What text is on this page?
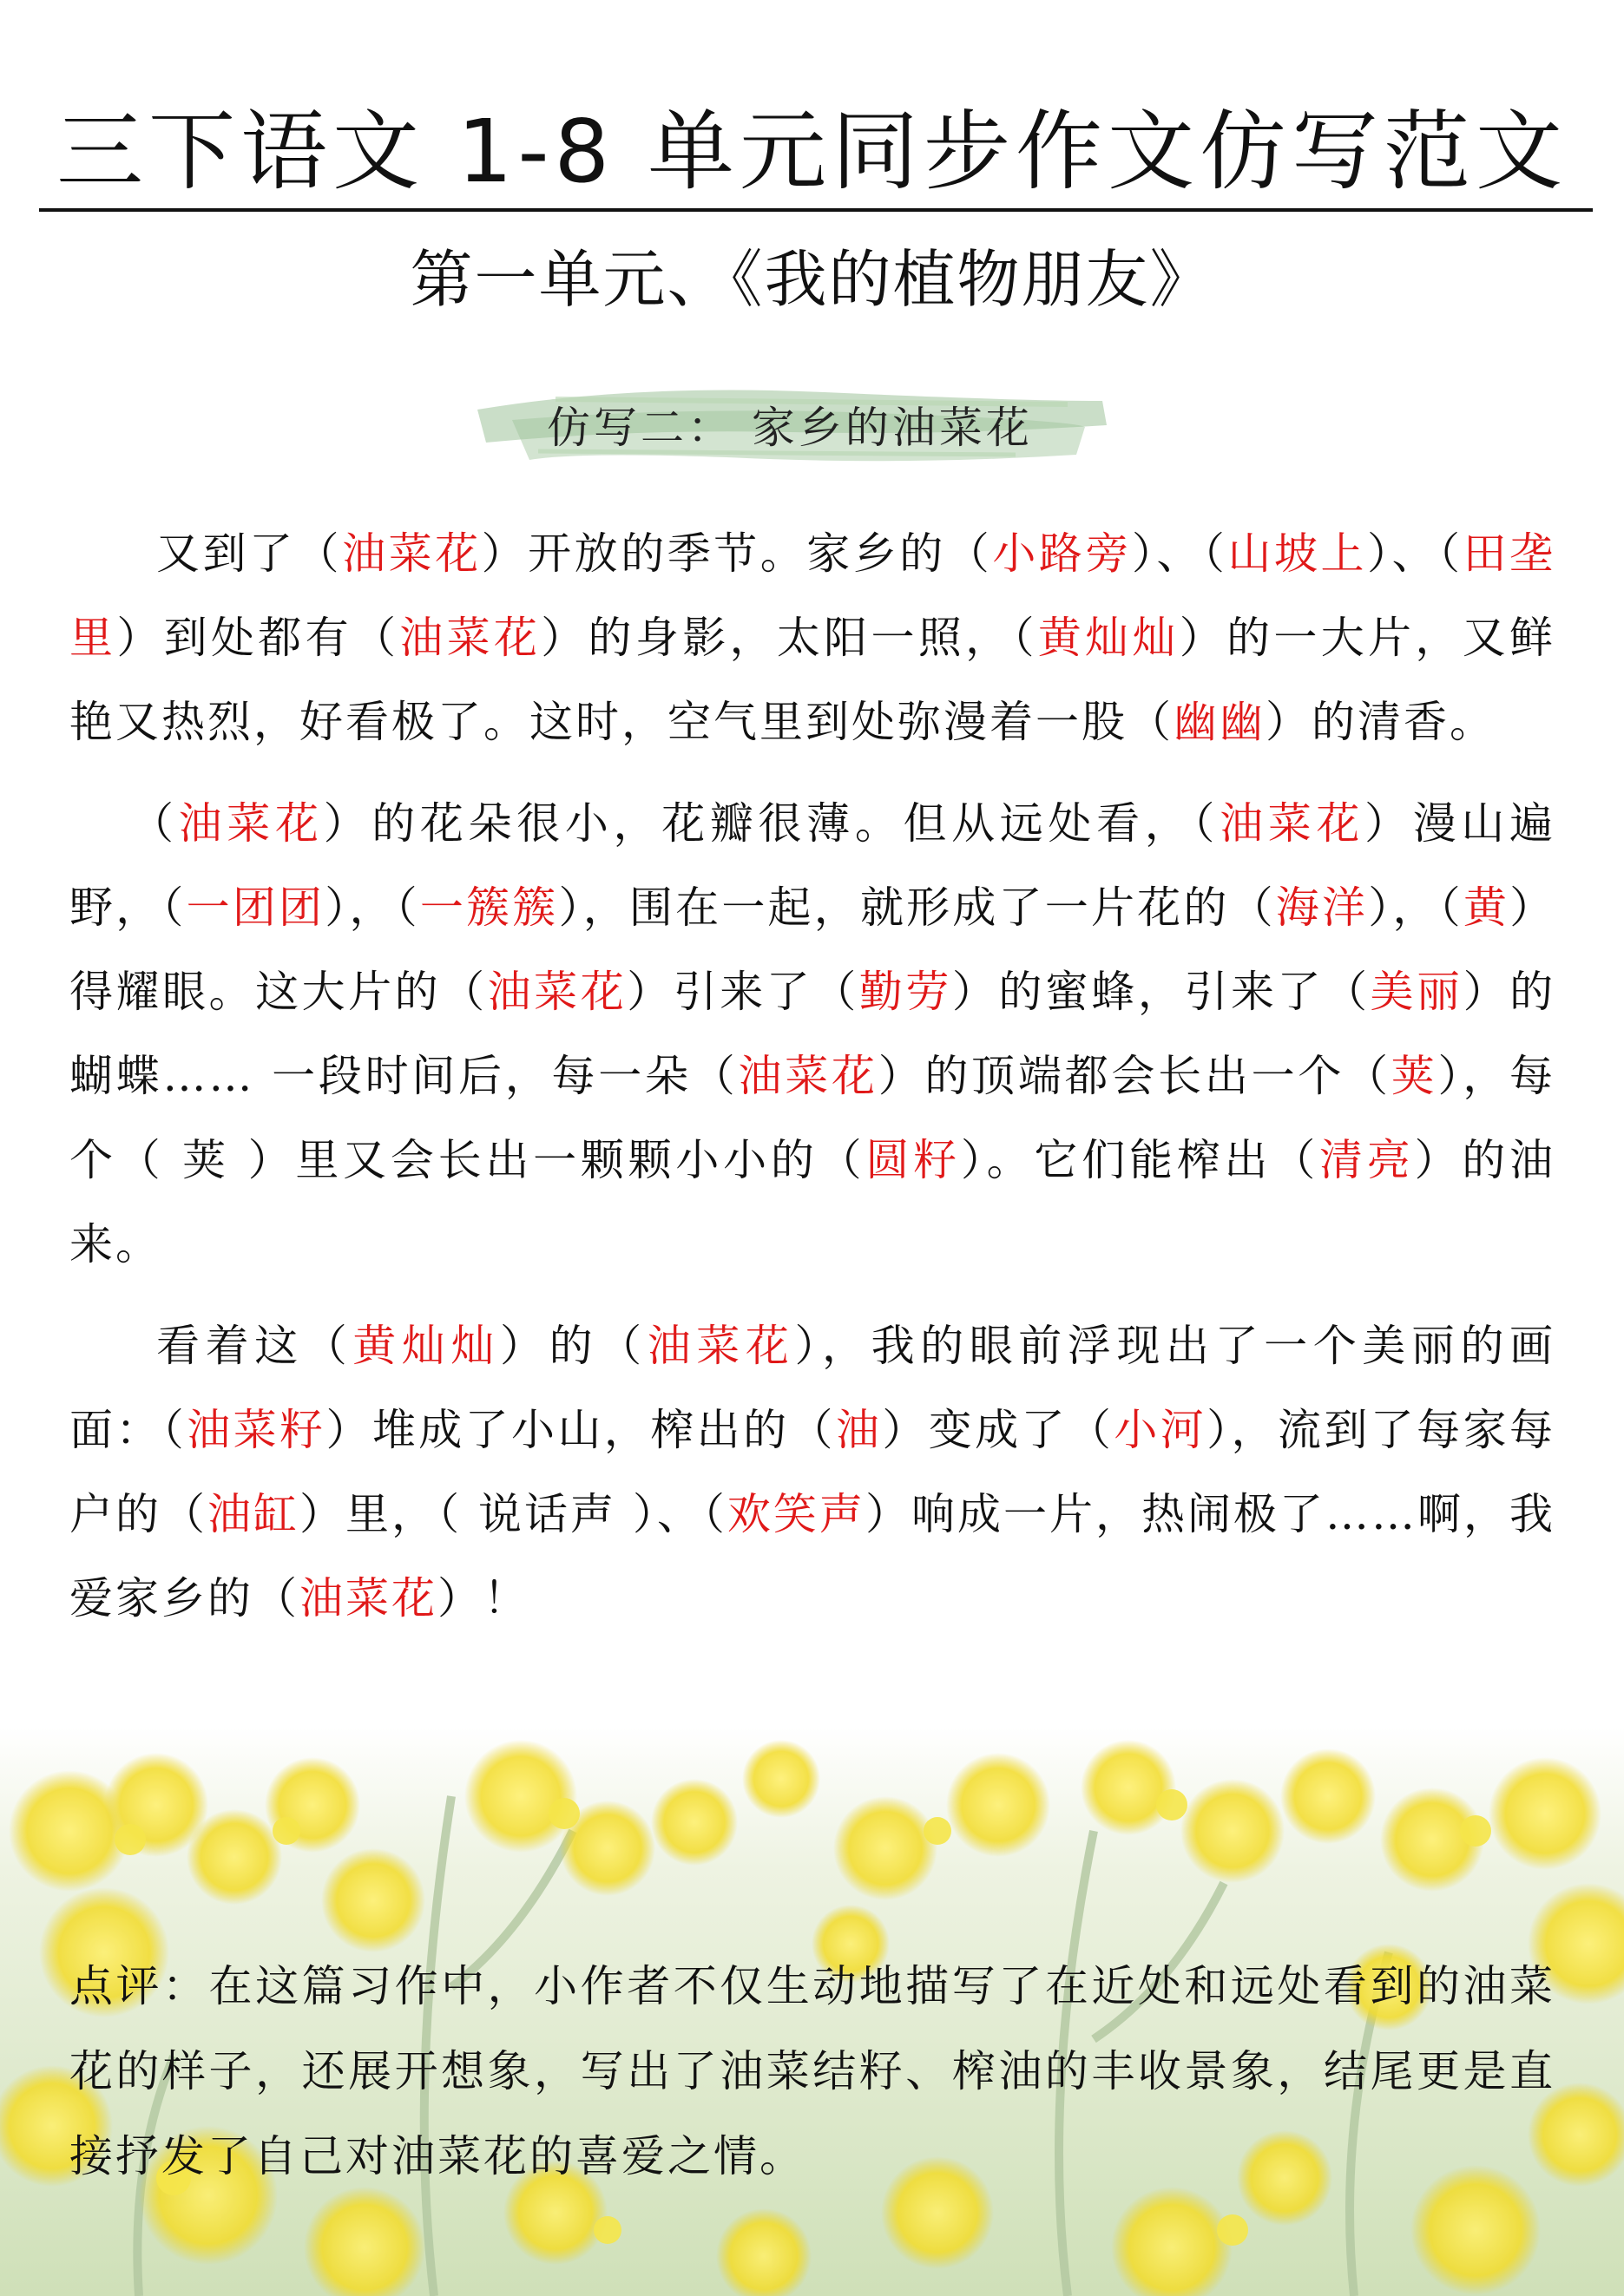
三下语文 1-8 单元同步作文仿写范文
第一单元、《我的植物朋友》
仿写二： 家乡的油菜花

又到了（油菜花）开放的季节。家乡的（小路旁）、（山坡上）、（田垄里）到处都有（油菜花）的身影，太阳一照，（黄灿灿）的一大片，又鲜艳又热烈，好看极了。这时，空气里到处弥漫着一股（幽幽）的清香。

（油菜花）的花朵很小，花瓣很薄。但从远处看，（油菜花）漫山遍野，（一团团），（一簇簇），围在一起，就形成了一片花的（海洋），（黄）得耀眼。这大片的（油菜花）引来了（勤劳）的蜜蜂，引来了（美丽）的蝴蝶…… 一段时间后，每一朵（油菜花）的顶端都会长出一个（荚），每个（ 荚 ）里又会长出一颗颗小小的（圆籽）。它们能榨出（清亮）的油来。

看着这（黄灿灿）的（油菜花），我的眼前浮现出了一个美丽的画面：（油菜籽）堆成了小山，榨出的（油）变成了（小河），流到了每家每户的（油缸）里，（ 说话声 ）、（欢笑声）响成一片，热闹极了……啊，我爱家乡的（油菜花）！

点评：在这篇习作中，小作者不仅生动地描写了在近处和远处看到的油菜花的样子，还展开想象，写出了油菜结籽、榨油的丰收景象，结尾更是直接抒发了自己对油菜花的喜爱之情。
